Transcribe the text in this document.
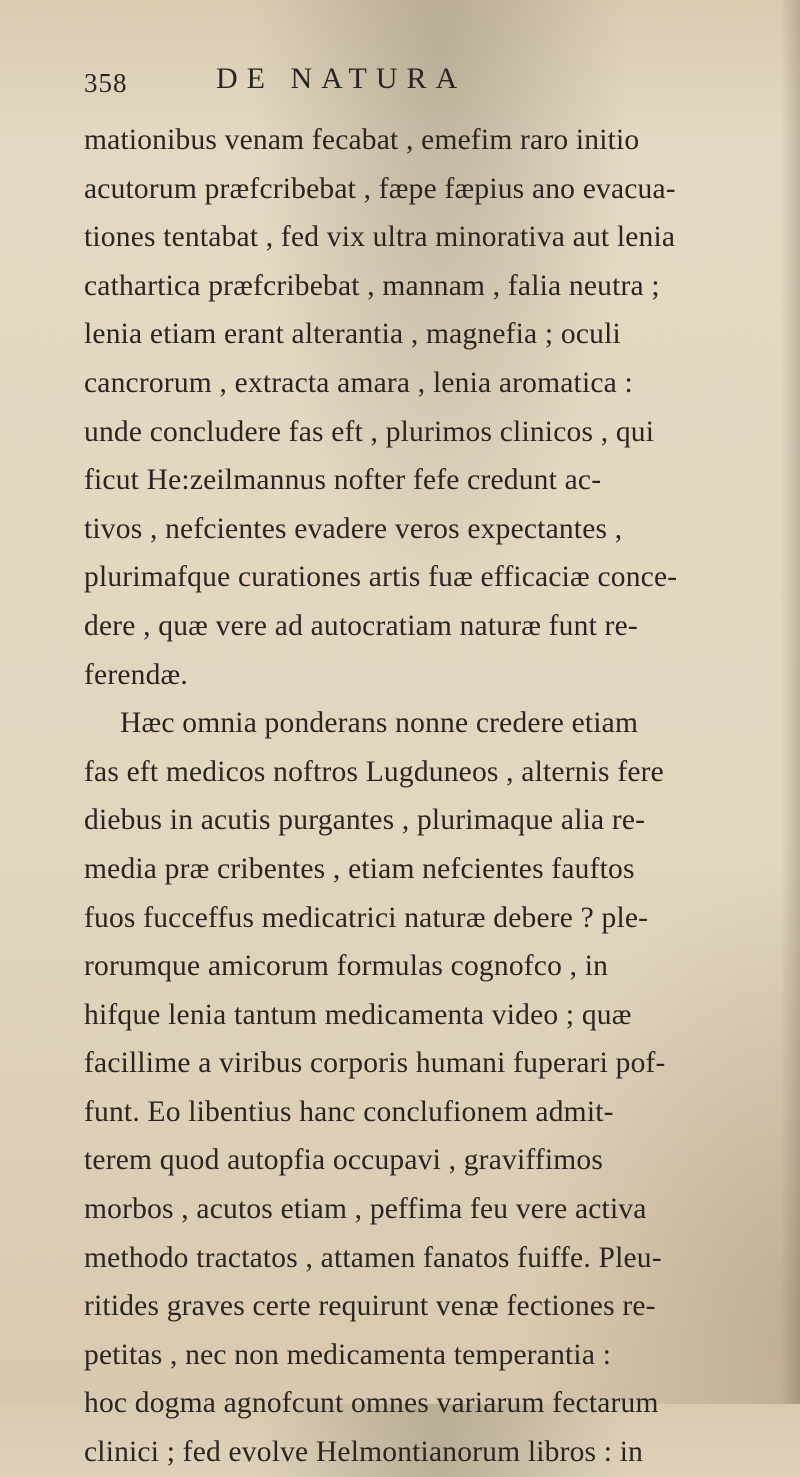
358	DE NATURA
mationibus venam fecabat , emefim raro initio
acutorum præfcribebat , fæpe fæpius ano evacua-
tiones tentabat , fed vix ultra minorativa aut lenia
cathartica præfcribebat , mannam , falia neutra ;
lenia etiam erant alterantia , magnefia ; oculi
cancrorum , extracta amara , lenia aromatica :
unde concludere fas eft , plurimos clinicos , qui
ficut He:zeilmannus nofter fefe credunt ac-
tivos , nefcientes evadere veros expectantes ,
plurimafque curationes artis fuæ efficaciæ conce-
dere , quæ vere ad autocratiam naturæ funt re-
ferendæ.
Hæc omnia ponderans nonne credere etiam
fas eft medicos noftros Lugduneos , alternis fere
diebus in acutis purgantes , plurimaque alia re-
media præ cribentes , etiam nefcientes fauftos
fuos fucceffus medicatrici naturæ debere ? ple-
rorumque amicorum formulas cognofco , in
hifque lenia tantum medicamenta video ; quæ
facillime a viribus corporis humani fuperari pof-
funt. Eo libentius hanc conclufionem admit-
terem quod autopfia occupavi , graviffimos
morbos , acutos etiam , peffima feu vere activa
methodo tractatos , attamen fanatos fuiffe. Pleu-
ritides graves certe requirunt venæ fectiones re-
petitas , nec non medicamenta temperantia :
hoc dogma agnofcunt omnes variarum fectarum
clinici ; fed evolve Helmontianorum libros : in
